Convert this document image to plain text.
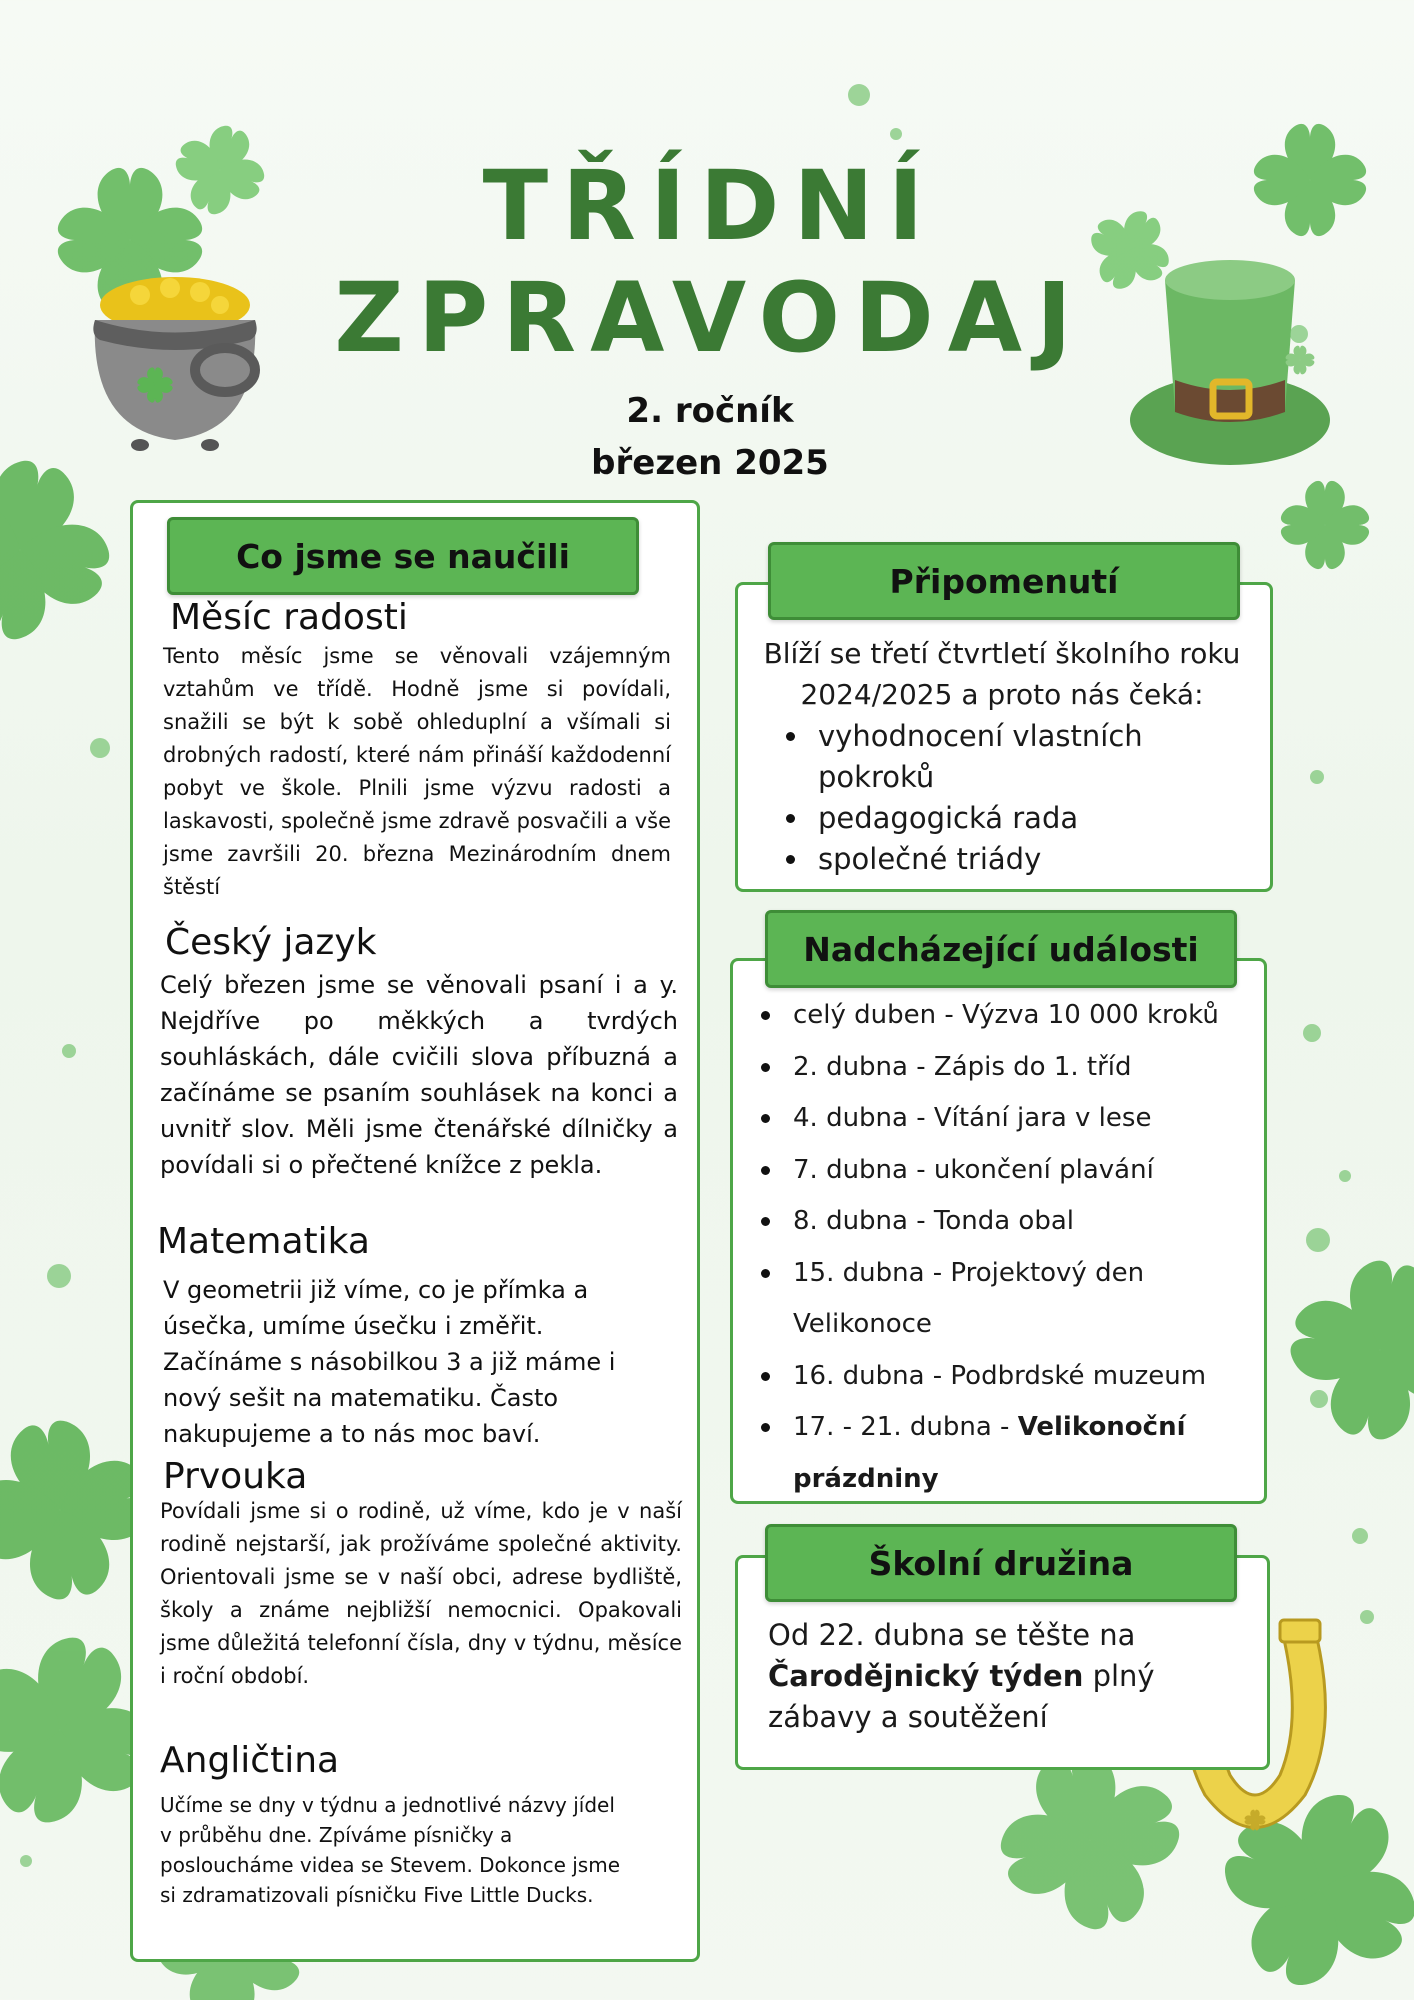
TŘÍDNÍ
ZPRAVODAJ
2. ročník
březen 2025
Co jsme se naučili
Měsíc radosti
Tento měsíc jsme se věnovali vzájemným vztahům ve třídě. Hodně jsme si povídali, snažili se být k sobě ohleduplní a všímali si drobných radostí, které nám přináší každodenní pobyt ve škole. Plnili jsme výzvu radosti a laskavosti, společně jsme zdravě posvačili a vše jsme završili 20. března Mezinárodním dnem štěstí
Český jazyk
Celý březen jsme se věnovali psaní i a y. Nejdříve po měkkých a tvrdých souhláskách, dále cvičili slova příbuzná a začínáme se psaním souhlásek na konci a uvnitř slov. Měli jsme čtenářské dílničky a povídali si o přečtené knížce z pekla.
Matematika
V geometrii již víme, co je přímka a úsečka, umíme úsečku i změřit. Začínáme s násobilkou 3 a již máme i nový sešit na matematiku. Často nakupujeme a to nás moc baví.
Prvouka
Povídali jsme si o rodině, už víme, kdo je v naší rodině nejstarší, jak prožíváme společné aktivity. Orientovali jsme se v naší obci, adrese bydliště, školy a známe nejbližší nemocnici. Opakovali jsme důležitá telefonní čísla, dny v týdnu, měsíce i roční období.
Angličtina
Učíme se dny v týdnu a jednotlivé názvy jídel v průběhu dne. Zpíváme písničky a posloucháme videa se Stevem. Dokonce jsme si zdramatizovali písničku Five Little Ducks.
Připomenutí
Blíží se třetí čtvrtletí školního roku 2024/2025 a proto nás čeká:
vyhodnocení vlastních pokroků
pedagogická rada
společné triády
Nadcházející události
celý duben - Výzva 10 000 kroků
2. dubna - Zápis do 1. tříd
4. dubna - Vítání jara v lese
7. dubna - ukončení plavání
8. dubna - Tonda obal
15. dubna - Projektový den Velikonoce
16. dubna - Podbrdské muzeum
17. - 21. dubna - Velikonoční prázdniny
Školní družina
Od 22. dubna se těšte na Čarodějnický týden plný zábavy a soutěžení
